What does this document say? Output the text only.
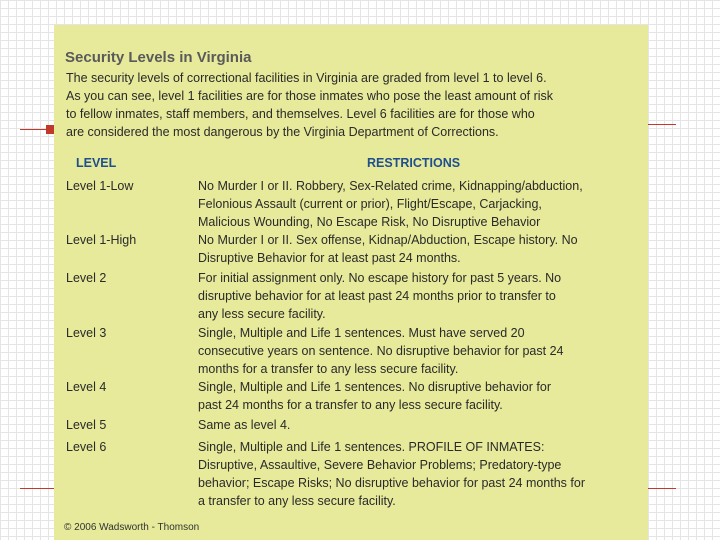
Security Levels in Virginia
The security levels of correctional facilities in Virginia are graded from level 1 to level 6.
As you can see, level 1 facilities are for those inmates who pose the least amount of risk
to fellow inmates, staff members, and themselves. Level 6 facilities are for those who
are considered the most dangerous by the Virginia Department of Corrections.
LEVEL	RESTRICTIONS
Level 1-Low	No Murder I or II. Robbery, Sex-Related crime, Kidnapping/abduction,
Felonious Assault (current or prior), Flight/Escape, Carjacking,
Malicious Wounding, No Escape Risk, No Disruptive Behavior
Level 1-High	No Murder I or II. Sex offense, Kidnap/Abduction, Escape history. No
Disruptive Behavior for at least past 24 months.
Level 2	For initial assignment only. No escape history for past 5 years. No
disruptive behavior for at least past 24 months prior to transfer to
any less secure facility.
Level 3	Single, Multiple and Life 1 sentences. Must have served 20
consecutive years on sentence. No disruptive behavior for past 24
months for a transfer to any less secure facility.
Level 4	Single, Multiple and Life 1 sentences. No disruptive behavior for
past 24 months for a transfer to any less secure facility.
Level 5	Same as level 4.
Level 6	Single, Multiple and Life 1 sentences. PROFILE OF INMATES:
Disruptive, Assaultive, Severe Behavior Problems; Predatory-type
behavior; Escape Risks; No disruptive behavior for past 24 months for
a transfer to any less secure facility.
© 2006 Wadsworth - Thomson
